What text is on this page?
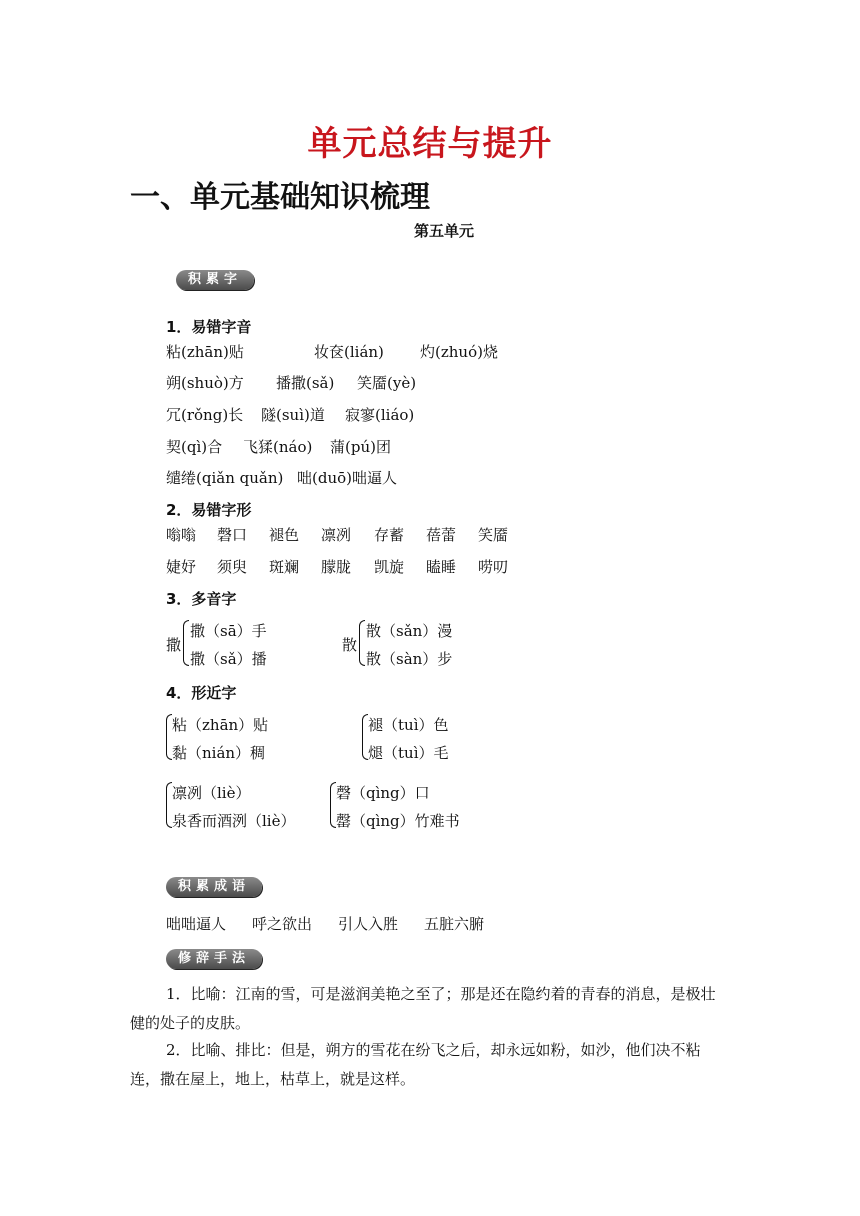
单元总结与提升
一、单元基础知识梳理
第五单元
积累字
1．易错字音
粘(zhān)贴	妆奁(lián) 灼(zhuó)烧
朔(shuò)方 播撒(sǎ) 笑靥(yè)
冗(rǒng)长 隧(suì)道 寂寥(liáo)
契(qì)合 飞猱(náo) 蒲(pú)团
缱绻(qiǎn quǎn) 咄(duō)咄逼人
2．易错字形
嗡嗡 磬口 褪色 凛冽 存蓄 蓓蕾 笑靥
婕妤 须臾 斑斓 朦胧 凯旋 瞌睡 唠叨
3．多音字
撒
撒（sā）手
撒（sǎ）播
散
散（sǎn）漫
散（sàn）步
4．形近字
粘（zhān）贴
黏（nián）稠
褪（tuì）色
煺（tuì）毛
凛冽（liè）
泉香而酒洌（liè）
磬（qìng）口
罄（qìng）竹难书
积累成语
咄咄逼人 呼之欲出 引人入胜 五脏六腑
修辞手法
1．比喻：江南的雪，可是滋润美艳之至了；那是还在隐约着的青春的消息，是极壮健的处子的皮肤。
2．比喻、排比：但是，朔方的雪花在纷飞之后，却永远如粉，如沙，他们决不粘连，撒在屋上，地上，枯草上，就是这样。
